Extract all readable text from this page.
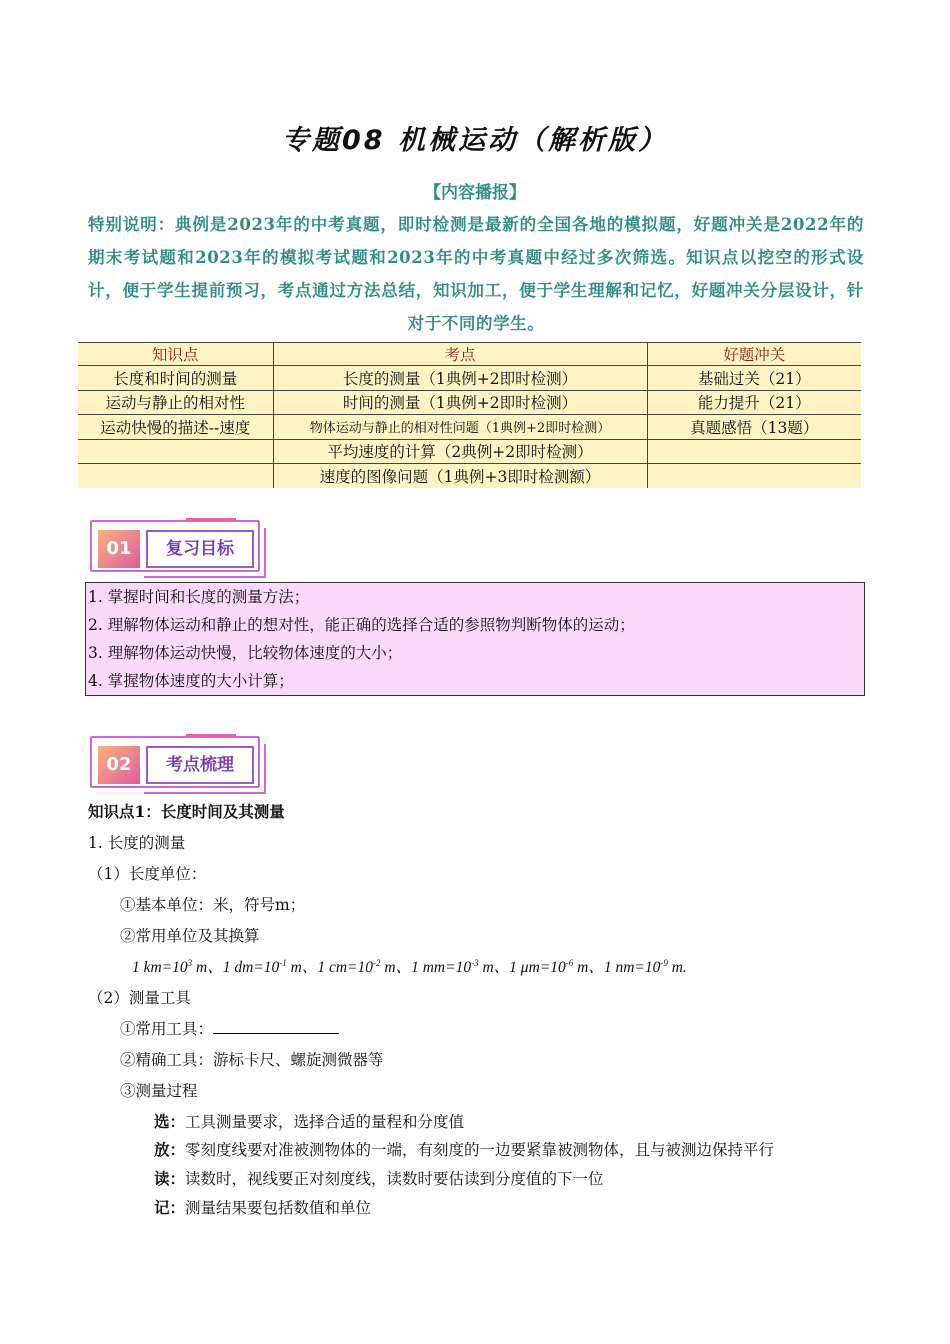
专题08 机械运动（解析版）
【内容播报】
特别说明：典例是2023年的中考真题，即时检测是最新的全国各地的模拟题，好题冲关是2022年的期末考试题和2023年的模拟考试题和2023年的中考真题中经过多次筛选。知识点以挖空的形式设计，便于学生提前预习，考点通过方法总结，知识加工，便于学生理解和记忆，好题冲关分层设计，针对于不同的学生。
知识点	考点	好题冲关
长度和时间的测量	长度的测量（1典例+2即时检测）	基础过关（21）
运动与静止的相对性	时间的测量（1典例+2即时检测）	能力提升（21）
运动快慢的描述--速度	物体运动与静止的相对性问题（1典例+2即时检测）	真题感悟（13题）
	平均速度的计算（2典例+2即时检测）	
	速度的图像问题（1典例+3即时检测额）	
01	复习目标
1. 掌握时间和长度的测量方法；
2. 理解物体运动和静止的想对性，能正确的选择合适的参照物判断物体的运动；
3. 理解物体运动快慢，比较物体速度的大小；
4. 掌握物体速度的大小计算；
02	考点梳理
知识点1：长度时间及其测量
1. 长度的测量
（1）长度单位：
①基本单位：米，符号m；
②常用单位及其换算
1 $km=10^3$ m、1 $dm=10^{-1}$ m、1 $cm=10^{-2}$ m、1 $mm=10^{-3}$ m、1 $\mu m=10^{-6}$ m、1 $nm=10^{-9}$ m.
（2）测量工具
①常用工具：
②精确工具：游标卡尺、螺旋测微器等
③测量过程
选：工具测量要求，选择合适的量程和分度值
放：零刻度线要对准被测物体的一端，有刻度的一边要紧靠被测物体，且与被测边保持平行
读：读数时，视线要正对刻度线，读数时要估读到分度值的下一位
记：测量结果要包括数值和单位
